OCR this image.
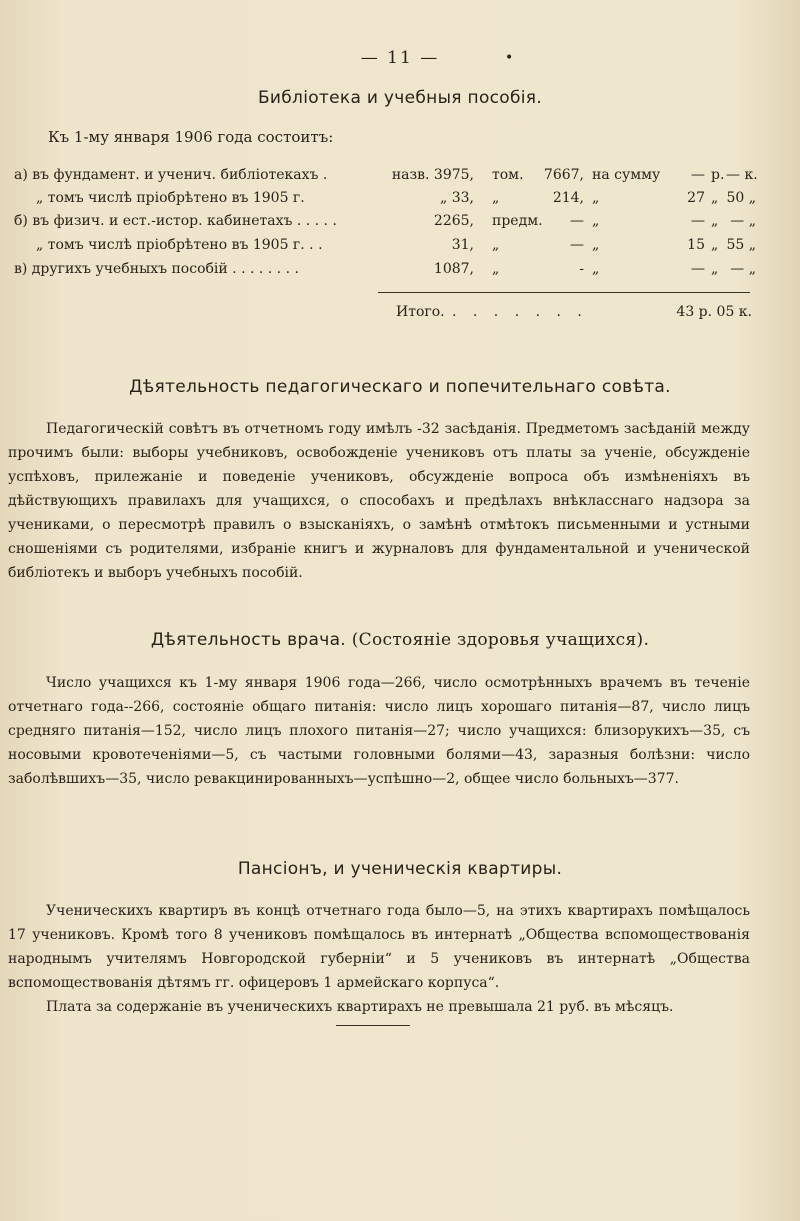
— 11 —	•
Библіотека и учебныя пособія.
Къ 1-му января 1906 года состоитъ:
а) въ фундамент. и ученич. библіотекахъ .	назв. 3975, том.	7667, на сумму	— р. — к.
„ томъ числѣ пріобрѣтено въ 1905 г.	„ 33, „	214, „	27 „ 50 „
б) въ физич. и ест.-истор. кабинетахъ . . . . .	2265, предм.	— „	— „ — „
„ томъ числѣ пріобрѣтено въ 1905 г. . .	31, „	— „	15 „ 55 „
в) другихъ учебныхъ пособій . . . . . . . .	1087, „	- „	— „ — „
Итого. . . . . . . .	43 р. 05 к.
Дѣятельность педагогическаго и попечительнаго совѣта.

Педагогическій совѣтъ въ отчетномъ году имѣлъ -32 засѣданія. Предметомъ засѣданій между прочимъ были: выборы учебниковъ, освобожденіе учениковъ отъ платы за ученіе, обсужденіе успѣховъ, прилежаніе и поведеніе учениковъ, обсужденіе вопроса объ измѣненіяхъ въ дѣйствующихъ правилахъ для учащихся, о способахъ и предѣлахъ внѣкласснаго надзора за учениками, о пересмотрѣ правилъ о взысканіяхъ, о замѣнѣ отмѣтокъ письменными и устными сношеніями съ родителями, избраніе книгъ и журналовъ для фундаментальной и ученической библіотекъ и выборъ учебныхъ пособій.

Дѣятельность врача. (Состояніе здоровья учащихся).

Число учащихся къ 1-му января 1906 года—266, число осмотрѣнныхъ врачемъ въ теченіе отчетнаго года--266, состояніе общаго питанія: число лицъ хорошаго питанія—87, число лицъ средняго питанія—152, число лицъ плохого питанія—27; число учащихся: близорукихъ—35, съ носовыми кровотеченіями—5, съ частыми головными болями—43, заразныя болѣзни: число заболѣвшихъ—35, число ревакцинированныхъ—успѣшно—2, общее число больныхъ—377.

Пансіонъ, и ученическія квартиры.

Ученическихъ квартиръ въ концѣ отчетнаго года было—5, на этихъ квартирахъ помѣщалось 17 учениковъ. Кромѣ того 8 учениковъ помѣщалось въ интернатѣ „Общества вспомоществованія народнымъ учителямъ Новгородской губерніи“ и 5 учениковъ въ интернатѣ „Общества вспомоществованія дѣтямъ гг. офицеровъ 1 армейскаго корпуса“.

Плата за содержаніе въ ученическихъ квартирахъ не превышала 21 руб. въ мѣсяцъ.
